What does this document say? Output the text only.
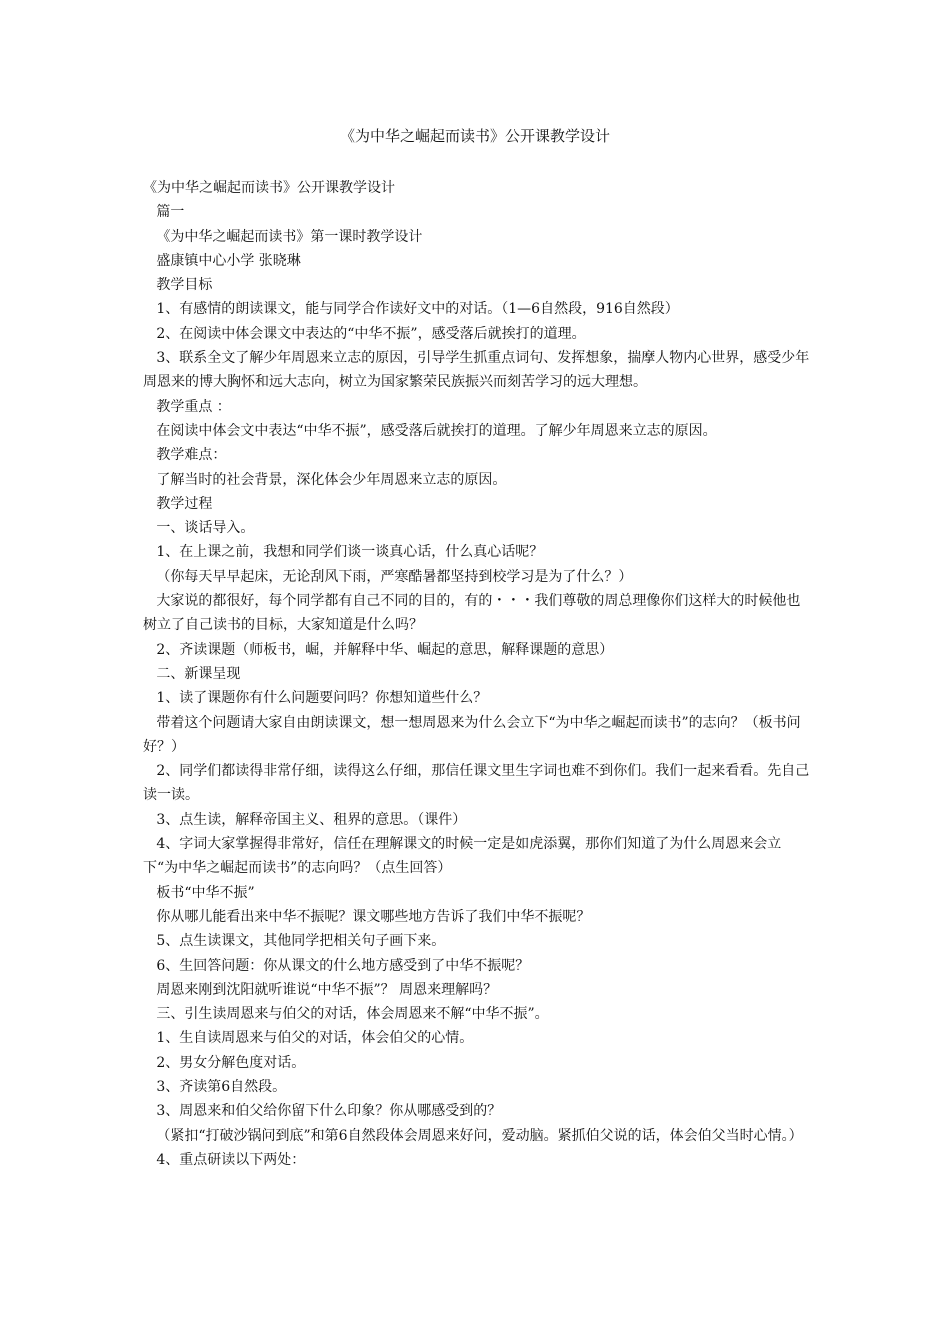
《为中华之崛起而读书》公开课教学设计

《为中华之崛起而读书》公开课教学设计

篇一

《为中华之崛起而读书》第一课时教学设计

盛康镇中心小学 张晓琳

教学目标

1、有感情的朗读课文，能与同学合作读好文中的对话。（1—6自然段，916自然段）

2、在阅读中体会课文中表达的“中华不振”，感受落后就挨打的道理。

3、联系全文了解少年周恩来立志的原因，引导学生抓重点词句、发挥想象，揣摩人物内心世界，感受少年周恩来的博大胸怀和远大志向，树立为国家繁荣民族振兴而刻苦学习的远大理想。

教学重点 ：

在阅读中体会文中表达“中华不振”，感受落后就挨打的道理。了解少年周恩来立志的原因。

教学难点：

了解当时的社会背景，深化体会少年周恩来立志的原因。

教学过程

一、谈话导入。

1、在上课之前，我想和同学们谈一谈真心话，什么真心话呢？

（你每天早早起床，无论刮风下雨，严寒酷暑都坚持到校学习是为了什么？）

大家说的都很好，每个同学都有自己不同的目的，有的・・・我们尊敬的周总理像你们这样大的时候他也树立了自己读书的目标，大家知道是什么吗？

2、齐读课题（师板书，崛，并解释中华、崛起的意思，解释课题的意思）

二、新课呈现

1、读了课题你有什么问题要问吗？你想知道些什么？

带着这个问题请大家自由朗读课文，想一想周恩来为什么会立下“为中华之崛起而读书”的志向？（板书问好？）

2、同学们都读得非常仔细，读得这么仔细，那信任课文里生字词也难不到你们。我们一起来看看。先自己读一读。

3、点生读，解释帝国主义、租界的意思。（课件）

4、字词大家掌握得非常好，信任在理解课文的时候一定是如虎添翼，那你们知道了为什么周恩来会立下“为中华之崛起而读书”的志向吗？（点生回答）

板书“中华不振”

你从哪儿能看出来中华不振呢？课文哪些地方告诉了我们中华不振呢？

5、点生读课文，其他同学把相关句子画下来。

6、生回答问题：你从课文的什么地方感受到了中华不振呢？

周恩来刚到沈阳就听谁说“中华不振”？ 周恩来理解吗？

三、引生读周恩来与伯父的对话，体会周恩来不解“中华不振”。

1、生自读周恩来与伯父的对话，体会伯父的心情。

2、男女分解色度对话。

3、齐读第6自然段。

3、周恩来和伯父给你留下什么印象？你从哪感受到的？

（紧扣“打破沙锅问到底”和第6自然段体会周恩来好问，爱动脑。紧抓伯父说的话，体会伯父当时心情。）

4、重点研读以下两处：
